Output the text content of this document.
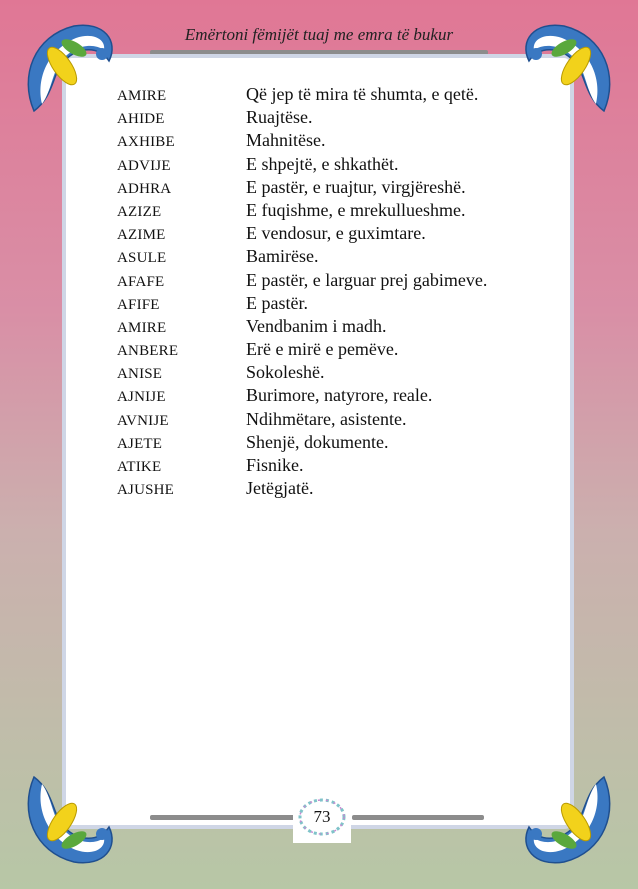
Emërtoni fëmijët tuaj me emra të bukur
AMIRE	Që jep të mira të shumta, e qetë.
AHIDE	Ruajtëse.
AXHIBE	Mahnitëse.
ADVIJE	E shpejtë, e shkathët.
ADHRA	E pastër, e ruajtur, virgjëreshë.
AZIZE	E fuqishme, e mrekullueshme.
AZIME	E vendosur, e guximtare.
ASULE	Bamirëse.
AFAFE	E pastër, e larguar prej gabimeve.
AFIFE	E pastër.
AMIRE	Vendbanim i madh.
ANBERE	Erë e mirë e pemëve.
ANISE	Sokoleshë.
AJNIJE	Burimore, natyrore, reale.
AVNIJE	Ndihmëtare, asistente.
AJETE	Shenjë, dokumente.
ATIKE	Fisnike.
AJUSHE	Jetëgjatë.
73
